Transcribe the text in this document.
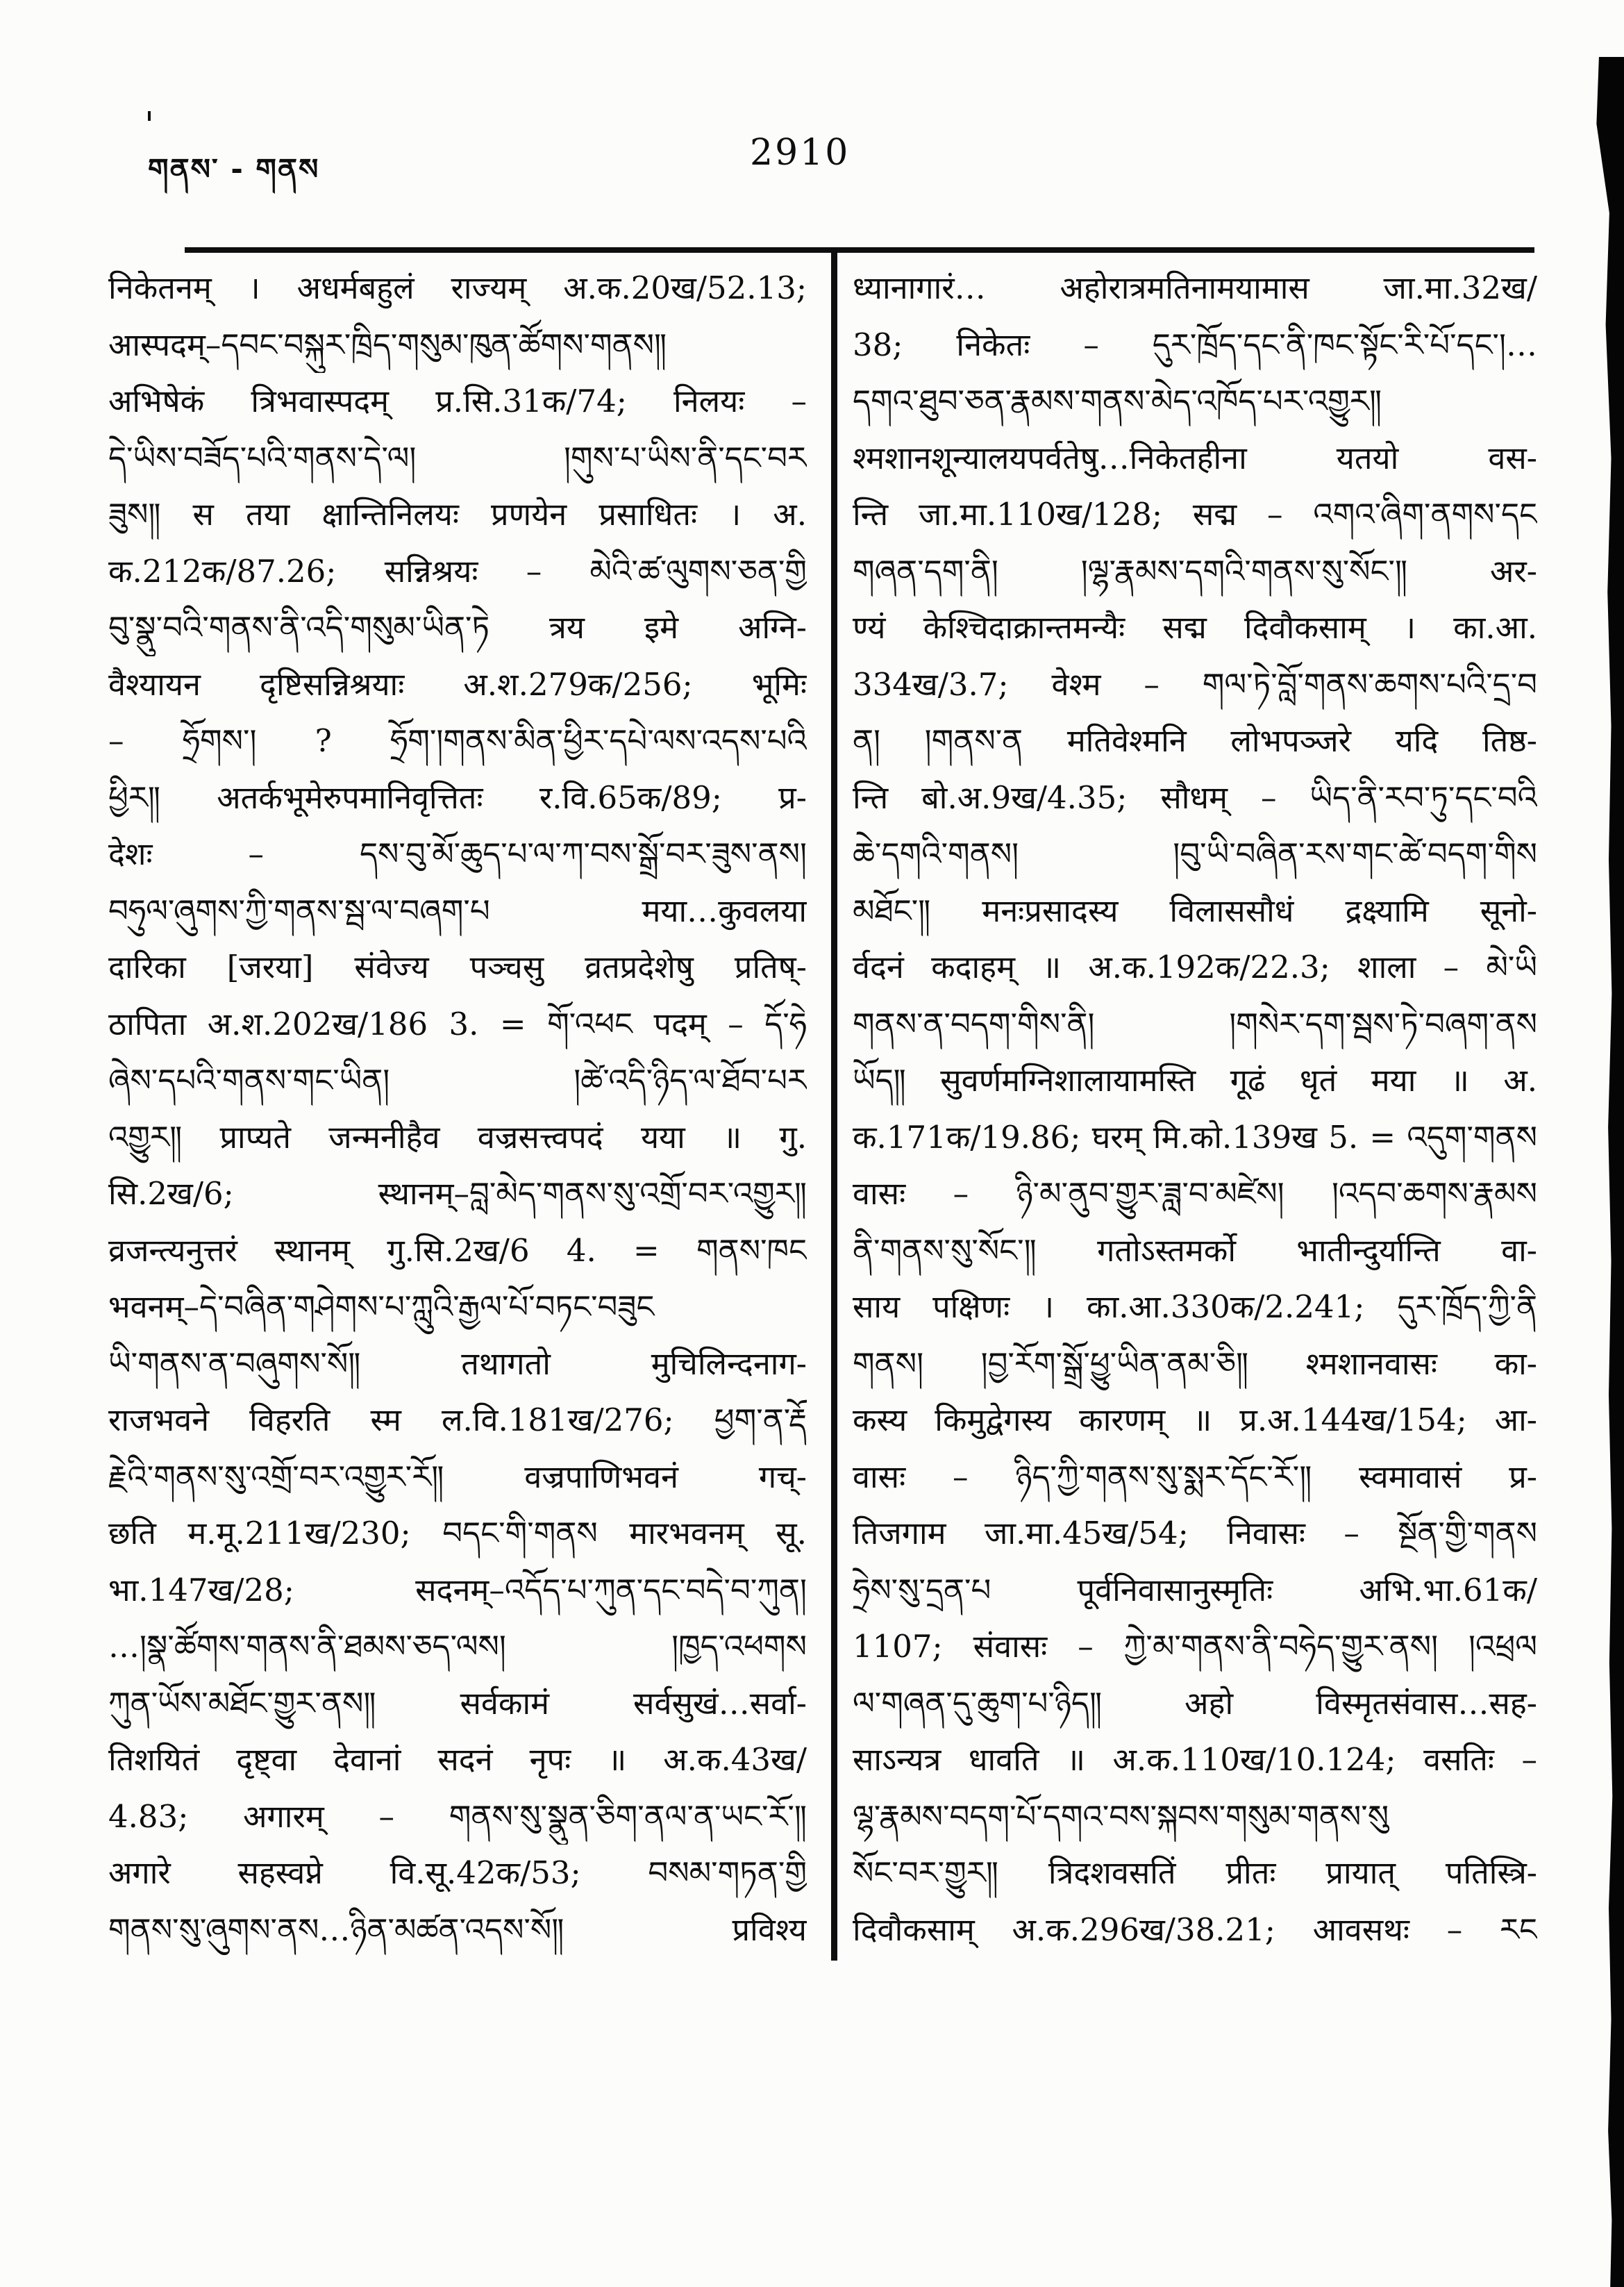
གནས་ - གནས	2910
निकेतनम् । अधर्मबहुलं राज्यम् अ.क.20ख/52.13;
आस्पदम्–དབང་བསྐུར་ཁྲིད་གསུམ་ཁུན་ཚོགས་གནས༎
अभिषेकं त्रिभवास्पदम् प्र.सि.31क/74; निलयः –
དེ་ཡིས་བཟོད་པའི་གནས་དེ་ལ། །གུས་པ་ཡིས་ནི་དང་བར
ཟུས༎ स तया क्षान्तिनिलयः प्रणयेन प्रसाधितः । अ.
क.212क/87.26; सन्निश्रयः – མེའི་ཚ་ལུགས་ཅན་གྱི
བུ་སྣུ་བའི་གནས་ནི་འདི་གསུམ་ཡིན་ཏེ त्रय इमे अग्नि-
वैश्यायन दृष्टिसन्निश्रयाः अ.श.279क/256; भूमिः
– ཧྲོགས་། ? ཧྲོག་།གནས་མིན་ཕྱིར་དཔེ་ལས་འདས་པའི
ཕྱིར༎ अतर्कभूमेरुपमानिवृत्तितः र.वि.65क/89; प्र-
देशः – དས་བུ་མོ་ཆུད་པ་ལ་ཀ་བས་སྒྲོ་བར་ཟུས་ནས།
བཧུལ་ཞུགས་ཀྱི་གནས་སྦ་ལ་བཞག་པ मया…कुवलया
दारिका [जरया] संवेज्य पञ्चसु व्रतप्रदेशेषु प्रतिष्-
ठापिता अ.श.202ख/186 3. = གོ་འཕང पदम् – དོ་ཧེ
ཞེས་དཔའི་གནས་གང་ཡིན། །ཚེ་འདི་ཉིད་ལ་ཐོབ་པར
འགྱུར༎ प्राप्यते जन्मनीहैव वज्रसत्त्वपदं यया ॥ गु.
सि.2ख/6; स्थानम्–བླ་མེད་གནས་སུ་འགྲོ་བར་འགྱུར༎
व्रजन्त्यनुत्तरं स्थानम् गु.सि.2ख/6 4. = གནས་ཁང
भवनम्–དེ་བཞིན་གཤེགས་པ་ཀླུའི་རྒྱལ་པོ་བཏང་བཟུང
ཡི་གནས་ན་བཞུགས་སོ༎ तथागतो मुचिलिन्दनाग-
राजभवने विहरति स्म ल.वि.181ख/276; ཕྱག་ན་རྡོ
རྗེའི་གནས་སུ་འགྲོ་བར་འགྱུར་རོ༎ वज्रपाणिभवनं गच्-
छति म.मू.211ख/230; བདང་གི་གནས मारभवनम् सू.
भा.147ख/28; सदनम्–འདོད་པ་ཀུན་དང་བདེ་བ་ཀུན།
…།སྣ་ཚོགས་གནས་ནི་ཐམས་ཅད་ལས། །ཁྱད་འཕགས
ཀུན་ཡོས་མཐོང་གྱུར་ནས༎ सर्वकामं सर्वसुखं…सर्वा-
तिशयितं दृष्ट्वा देवानां सदनं नृपः ॥ अ.क.43ख/
4.83; अगारम् – གནས་སུ་སྣུན་ཅིག་ནལ་ན་ཡང་རོ་༎
अगारे सहस्वप्ने वि.सू.42क/53; བསམ་གཏན་གྱི
གནས་སུ་ཞུགས་ནས…ཉིན་མཚན་འདས་སོ༎ प्रविश्य
ध्यानागारं… अहोरात्रमतिनामयामास जा.मा.32ख/
38; निकेतः – དུར་ཁྲོད་དང་ནི་ཁང་སྟོང་རི་པོ་དང་།…
དགའ་ཐུབ་ཅན་རྣམས་གནས་མེད་འཁོད་པར་འགྱུར༎
श्मशानशून्यालयपर्वतेषु…निकेतहीना यतयो वस-
न्ति जा.मा.110ख/128; सद्म – འགའ་ཞིག་ནགས་དང
གཞན་དག་ནི། །ལྷ་རྣམས་དགའི་གནས་སུ་སོང་༎ अर-
ण्यं केश्चिदाक्रान्तमन्यैः सद्म दिवौकसाम् । का.आ.
334ख/3.7; वेश्म – གལ་ཏེ་བློ་གནས་ཆགས་པའི་དྲ་བ
ན། །གནས་ན मतिवेश्मनि लोभपञ्जरे यदि तिष्ठ-
न्ति बो.अ.9ख/4.35; सौधम् – ཡིད་ནི་རབ་ཏུ་དང་བའི
ཆེ་དགའི་གནས། །བུ་ཡི་བཞིན་རས་གང་ཚེ་བདག་གིས
མཐོང་༎ मनःप्रसादस्य विलाससौधं द्रक्ष्यामि सूनो-
र्वदनं कदाहम् ॥ अ.क.192क/22.3; शाला – མེ་ཡི
གནས་ན་བདག་གིས་ནི། །གསེར་དག་སྦས་ཏེ་བཞག་ནས
ཡོད༎ सुवर्णमग्निशालायामस्ति गूढं धृतं मया ॥ अ.
क.171क/19.86; घरम् मि.को.139ख 5. = འདུག་གནས
वासः – ཉི་མ་ནུབ་གྱུར་ཟླ་བ་མཛེས། །འདབ་ཆགས་རྣམས
ནི་གནས་སུ་སོང་༎ गतोऽस्तमर्को भातीन्दुर्यान्ति वा-
साय पक्षिणः । का.आ.330क/2.241; དུར་ཁྲོད་ཀྱི་ནི
གནས། །བྱ་རོག་སྒྲོ་ཕྱུ་ཡིན་ནམ་ཅི༎ श्मशानवासः का-
कस्य किमुद्वेगस्य कारणम् ॥ प्र.अ.144ख/154; आ-
वासः – ཉིད་ཀྱི་གནས་སུ་སྨར་དོང་རོ་༎ स्वमावासं प्र-
तिजगाम जा.मा.45ख/54; निवासः – སྔོན་གྱི་གནས
ཧྲེས་སུ་དྲན་པ पूर्वनिवासानुस्मृतिः अभि.भा.61क/
1107; संवासः – ཀྱེ་མ་གནས་ནི་བཧེད་གྱུར་ནས། །འཕྲལ
ལ་གཞན་དུ་ཆུག་པ་ཉིད༎ अहो विस्मृतसंवास…सह-
साऽन्यत्र धावति ॥ अ.क.110ख/10.124; वसतिः –
ལྷ་རྣམས་བདག་པོ་དགའ་བས་སྐབས་གསུམ་གནས་སུ
སོང་བར་གྱུར༎ त्रिदशवसतिं प्रीतः प्रायात् पतिस्त्रि-
दिवौकसाम् अ.क.296ख/38.21; आवसथः – རང
